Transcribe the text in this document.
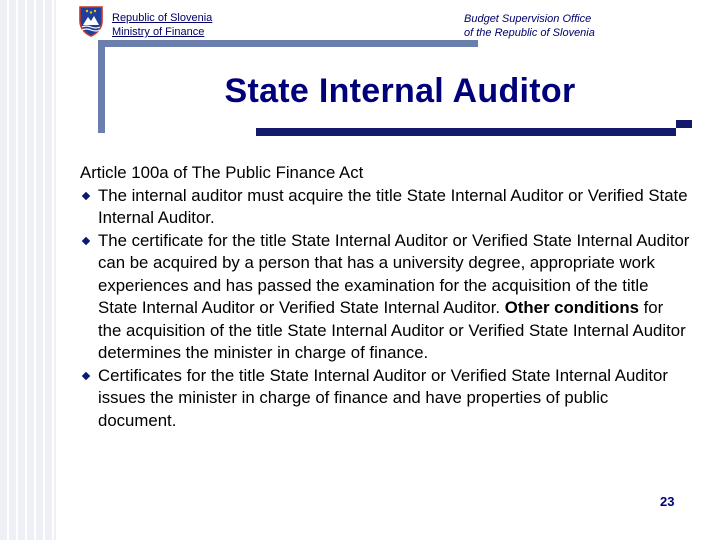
Republic of Slovenia
Ministry of Finance
Budget Supervision Office
of the Republic of Slovenia
State Internal Auditor

Article 100a of The Public Finance Act

The internal auditor must acquire the title State Internal Auditor or Verified State Internal Auditor.
The certificate for the title State Internal Auditor or Verified State Internal Auditor can be acquired by a person that has a university degree, appropriate work experiences and has passed the examination for the acquisition of the title State Internal Auditor or Verified State Internal Auditor. Other conditions for the acquisition of the title State Internal Auditor or Verified State Internal Auditor determines the minister in charge of finance.
Certificates for the title State Internal Auditor or Verified State Internal Auditor issues the minister in charge of finance and have properties of public document.
23
